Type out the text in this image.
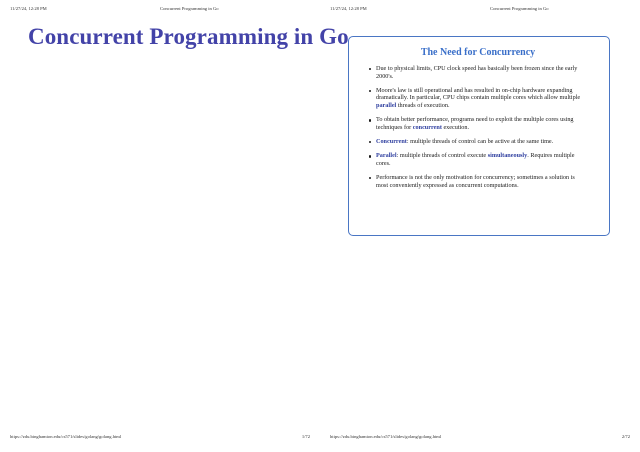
11/27/24, 12:28 PM	Concurrent Programming in Go
Concurrent Programming in Go
https://zdu.binghamton.edu/cs571/slides/golang/golang.html	1/72
11/27/24, 12:28 PM	Concurrent Programming in Go
The Need for Concurrency
Due to physical limits, CPU clock speed has basically been frozen since the early 2000's.
Moore's law is still operational and has resulted in on-chip hardware expanding dramatically. In particular, CPU chips contain multiple cores which allow multiple parallel threads of execution.
To obtain better performance, programs need to exploit the multiple cores using techniques for concurrent execution.
Concurrent: multiple threads of control can be active at the same time.
Parallel: multiple threads of control execute simultaneously. Requires multiple cores.
Performance is not the only motivation for concurrency; sometimes a solution is most conveniently expressed as concurrent computations.
https://zdu.binghamton.edu/cs571/slides/golang/golang.html	2/72
